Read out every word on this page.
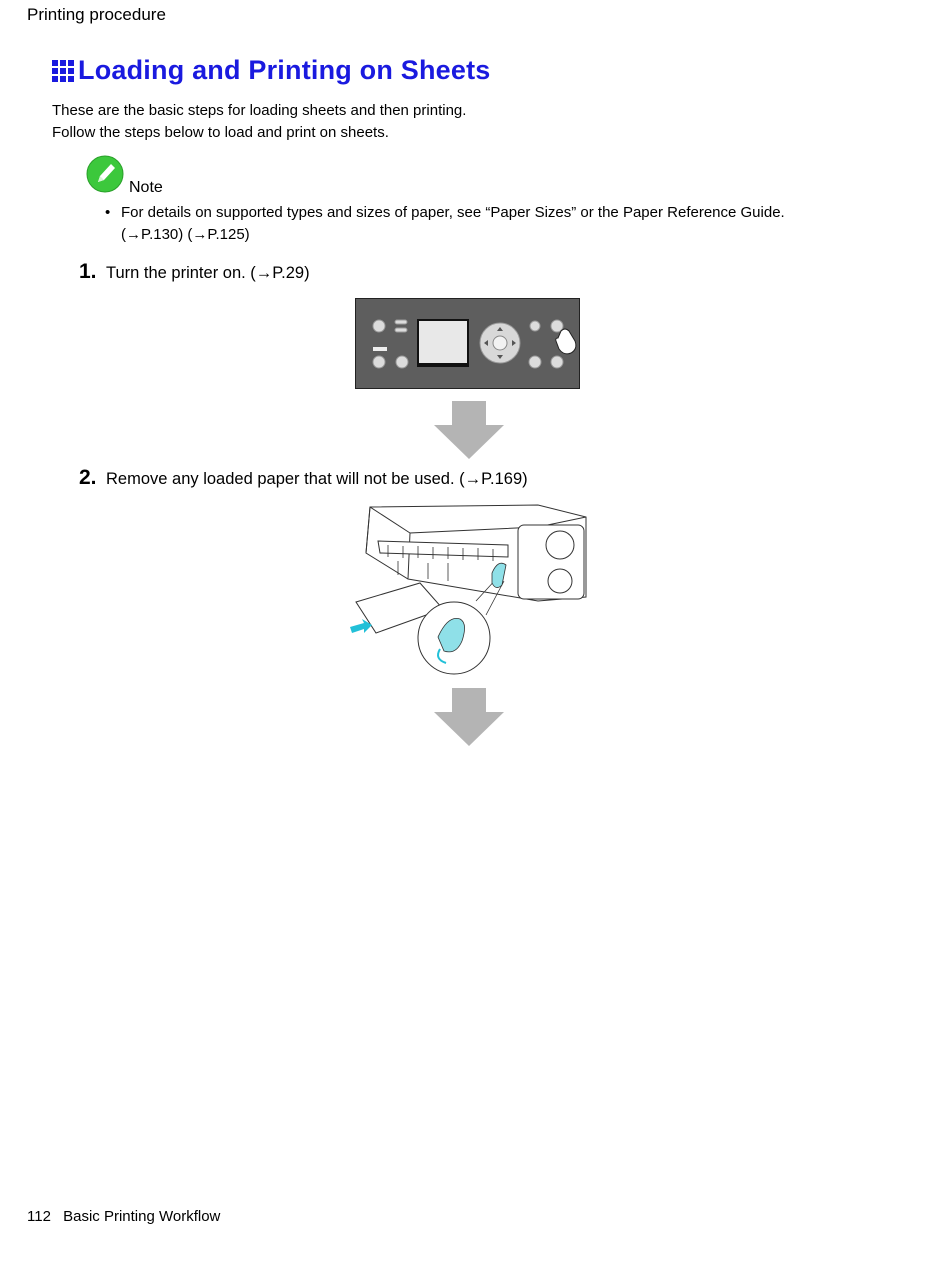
Printing procedure
Loading and Printing on Sheets
These are the basic steps for loading sheets and then printing.
Follow the steps below to load and print on sheets.
Note
• For details on supported types and sizes of paper, see “Paper Sizes” or the Paper Reference Guide.
(→P.130) (→P.125)
1. Turn the printer on. (→P.29)
2. Remove any loaded paper that will not be used. (→P.169)
112 Basic Printing Workflow
